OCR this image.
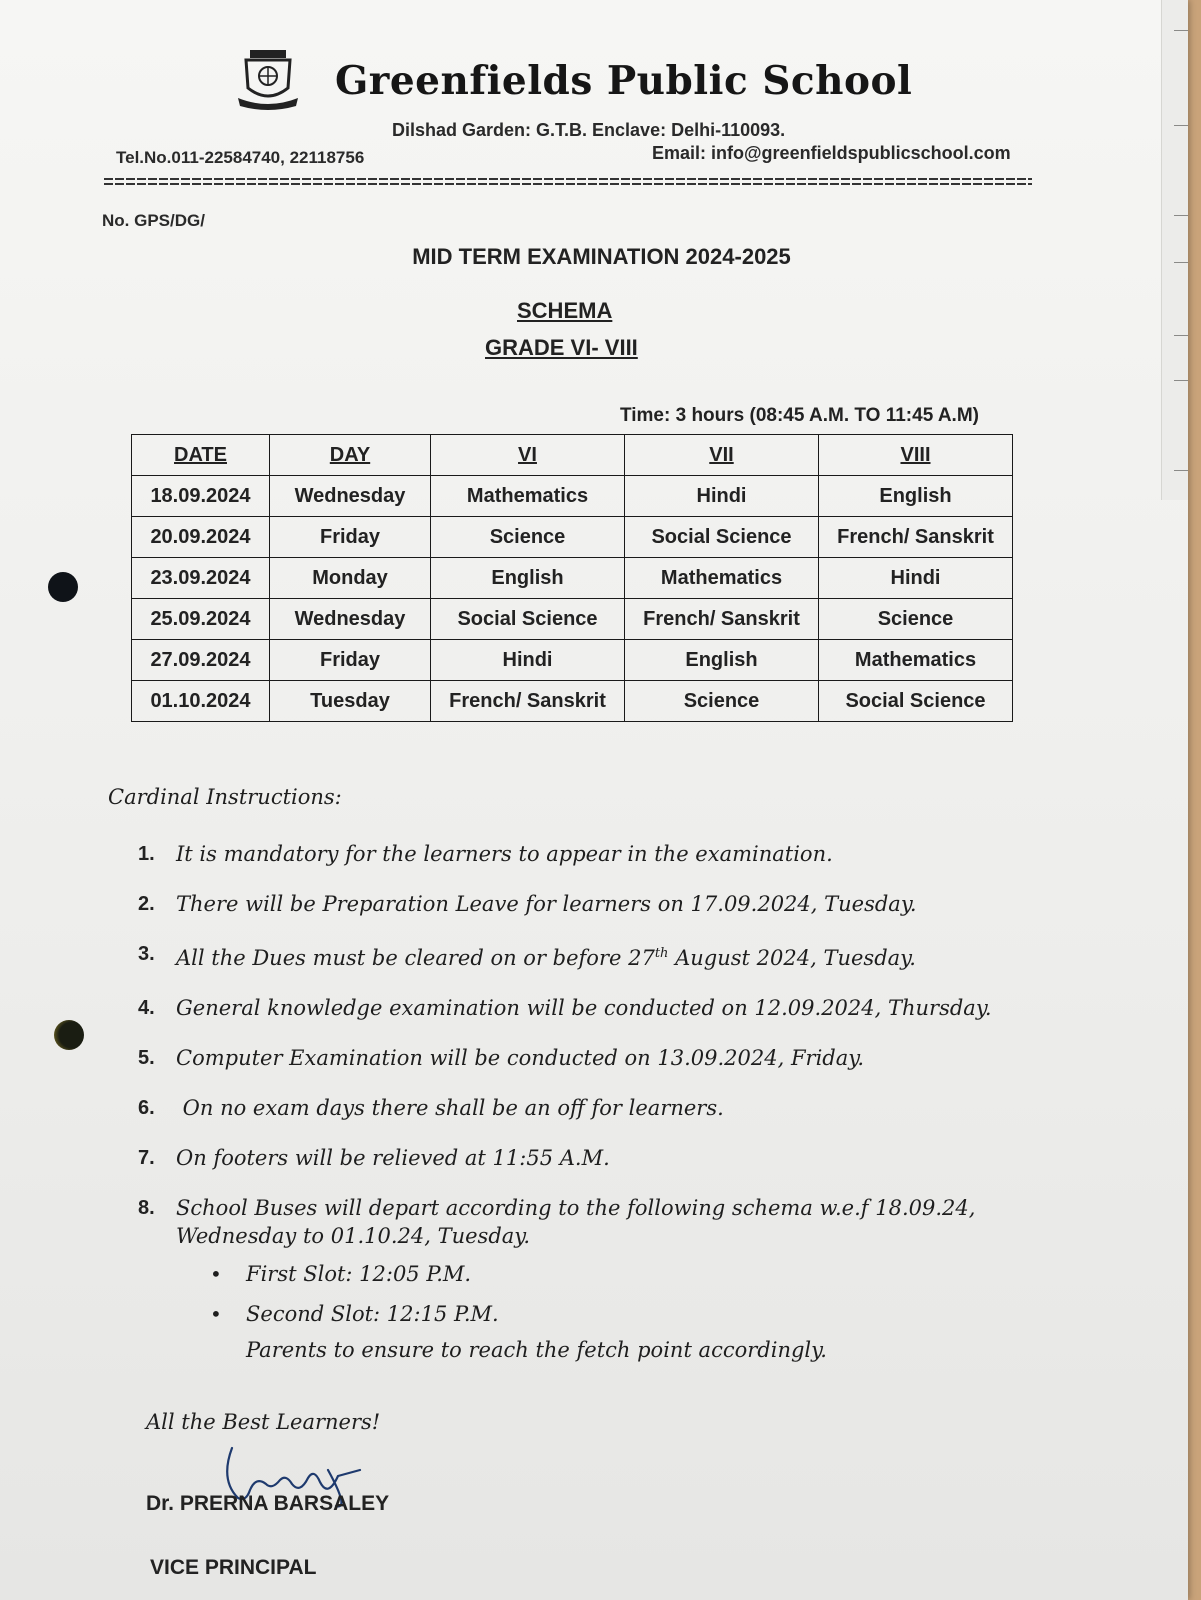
Greenfields Public School
Dilshad Garden: G.T.B. Enclave: Delhi-110093.
Tel.No.011-22584740, 22118756	Email: info@greenfieldspublicschool.com
No. GPS/DG/
MID TERM EXAMINATION 2024-2025
SCHEMA
GRADE VI- VIII
Time: 3 hours (08:45 A.M. TO 11:45 A.M)
DATE	DAY	VI	VII	VIII
18.09.2024	Wednesday	Mathematics	Hindi	English
20.09.2024	Friday	Science	Social Science	French/ Sanskrit
23.09.2024	Monday	English	Mathematics	Hindi
25.09.2024	Wednesday	Social Science	French/ Sanskrit	Science
27.09.2024	Friday	Hindi	English	Mathematics
01.10.2024	Tuesday	French/ Sanskrit	Science	Social Science
Cardinal Instructions:
1. It is mandatory for the learners to appear in the examination.
2. There will be Preparation Leave for learners on 17.09.2024, Tuesday.
3. All the Dues must be cleared on or before 27th August 2024, Tuesday.
4. General knowledge examination will be conducted on 12.09.2024, Thursday.
5. Computer Examination will be conducted on 13.09.2024, Friday.
6. On no exam days there shall be an off for learners.
7. On footers will be relieved at 11:55 A.M.
8. School Buses will depart according to the following schema w.e.f 18.09.24, Wednesday to 01.10.24, Tuesday.
• First Slot: 12:05 P.M.
• Second Slot: 12:15 P.M.
Parents to ensure to reach the fetch point accordingly.
All the Best Learners!
Dr. PRERNA BARSALEY
VICE PRINCIPAL
